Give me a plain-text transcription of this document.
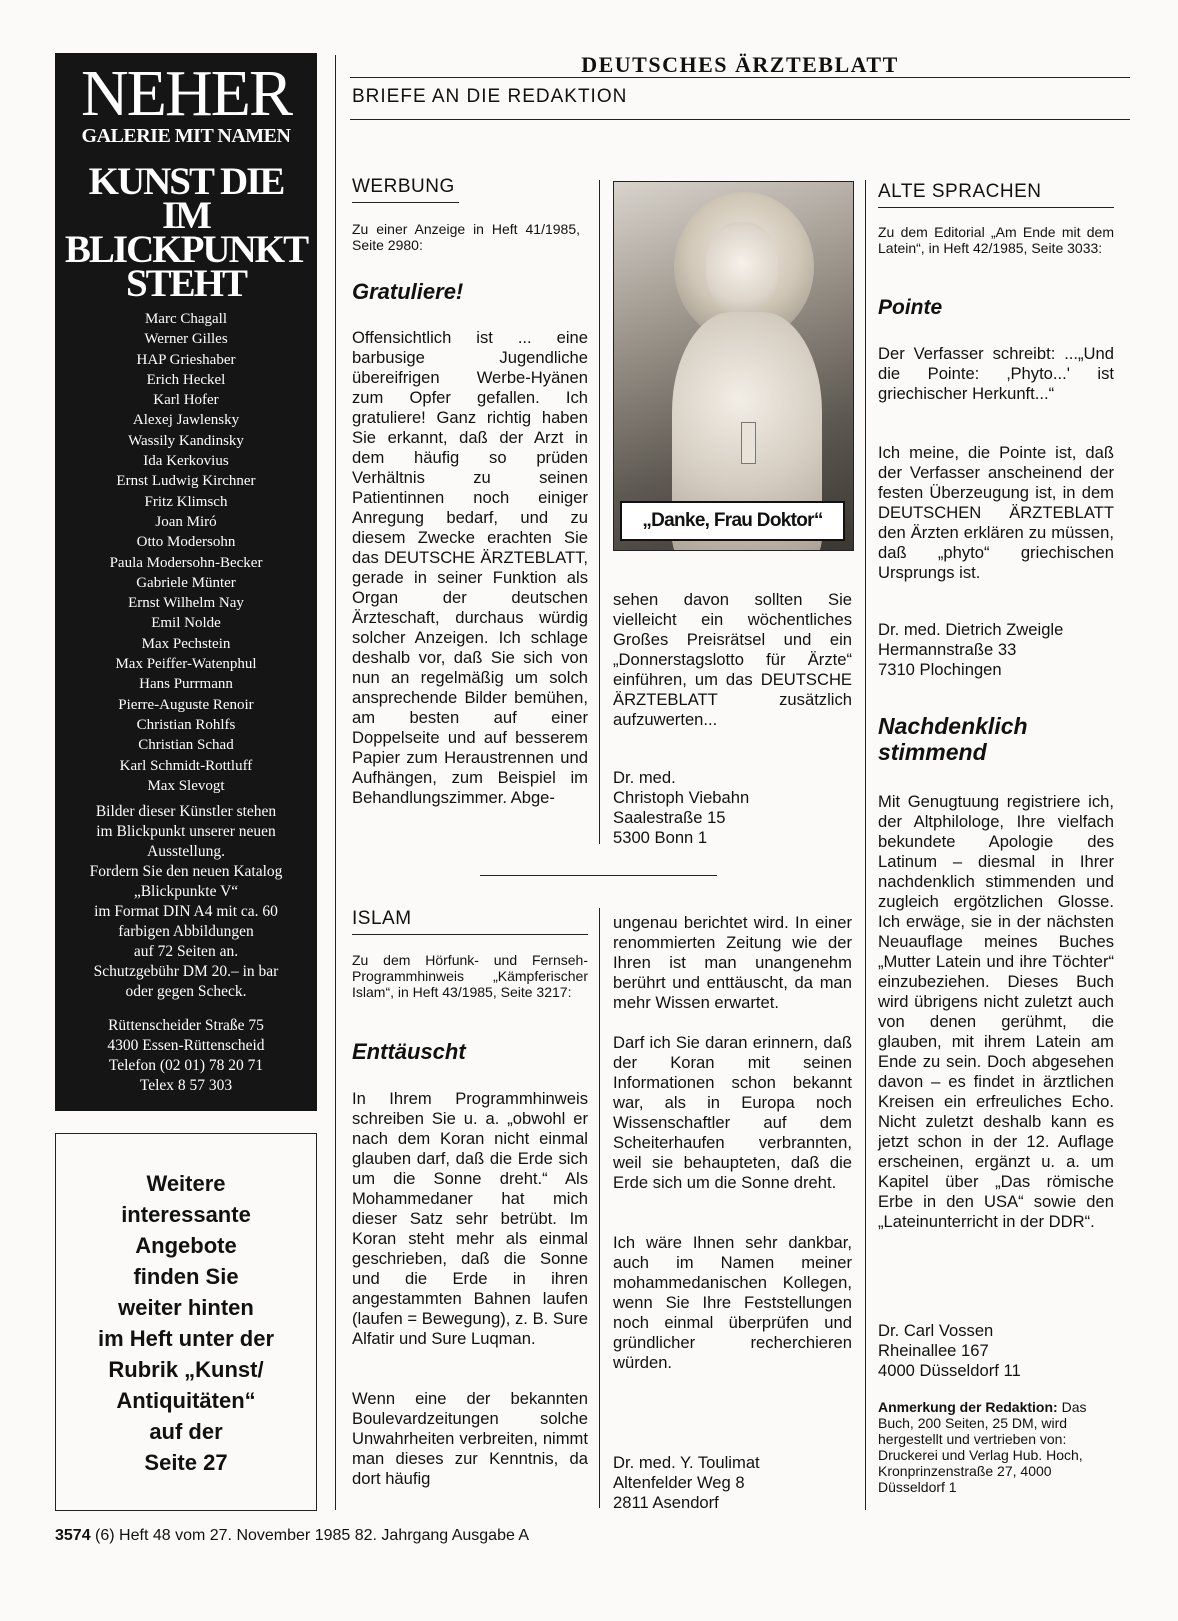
DEUTSCHES ÄRZTEBLATT
BRIEFE AN DIE REDAKTION
NEHER
GALERIE MIT NAMEN
KUNST DIE
IM
BLICKPUNKT
STEHT
Marc Chagall
Werner Gilles
HAP Grieshaber
Erich Heckel
Karl Hofer
Alexej Jawlensky
Wassily Kandinsky
Ida Kerkovius
Ernst Ludwig Kirchner
Fritz Klimsch
Joan Miró
Otto Modersohn
Paula Modersohn-Becker
Gabriele Münter
Ernst Wilhelm Nay
Emil Nolde
Max Pechstein
Max Peiffer-Watenphul
Hans Purrmann
Pierre-Auguste Renoir
Christian Rohlfs
Christian Schad
Karl Schmidt-Rottluff
Max Slevogt
Bilder dieser Künstler stehen
im Blickpunkt unserer neuen
Ausstellung.
Fordern Sie den neuen Katalog
„Blickpunkte V“
im Format DIN A4 mit ca. 60
farbigen Abbildungen
auf 72 Seiten an.
Schutzgebühr DM 20.– in bar
oder gegen Scheck.
Rüttenscheider Straße 75
4300 Essen-Rüttenscheid
Telefon (02 01) 78 20 71
Telex 8 57 303
Weitere
interessante
Angebote
finden Sie
weiter hinten
im Heft unter der
Rubrik „Kunst/
Antiquitäten“
auf der
Seite 27
WERBUNG
Zu einer Anzeige in Heft 41/1985, Seite 2980:
Gratuliere!
Offensichtlich ist ... eine barbusige Jugendliche übereifrigen Werbe-Hyänen zum Opfer gefallen. Ich gratuliere! Ganz richtig haben Sie erkannt, daß der Arzt in dem häufig so prüden Verhältnis zu seinen Patientinnen noch einiger Anregung bedarf, und zu diesem Zwecke erachten Sie das DEUTSCHE ÄRZTEBLATT, gerade in seiner Funktion als Organ der deutschen Ärzteschaft, durchaus würdig solcher Anzeigen. Ich schlage deshalb vor, daß Sie sich von nun an regelmäßig um solch ansprechende Bilder bemühen, am besten auf einer Doppelseite und auf besserem Papier zum Heraustrennen und Aufhängen, zum Beispiel im Behandlungszimmer. Abge-
„Danke, Frau Doktor“
sehen davon sollten Sie vielleicht ein wöchentliches Großes Preisrätsel und ein „Donnerstagslotto für Ärzte“ einführen, um das DEUTSCHE ÄRZTEBLATT zusätzlich aufzuwerten...
Dr. med.
Christoph Viebahn
Saalestraße 15
5300 Bonn 1
ISLAM
Zu dem Hörfunk- und Fernseh-Programmhinweis „Kämpferischer Islam“, in Heft 43/1985, Seite 3217:
Enttäuscht
In Ihrem Programmhinweis schreiben Sie u. a. „obwohl er nach dem Koran nicht einmal glauben darf, daß die Erde sich um die Sonne dreht.“ Als Mohammedaner hat mich dieser Satz sehr betrübt. Im Koran steht mehr als einmal geschrieben, daß die Sonne und die Erde in ihren angestammten Bahnen laufen (laufen = Bewegung), z. B. Sure Alfatir und Sure Luqman.
Wenn eine der bekannten Boulevardzeitungen solche Unwahrheiten verbreiten, nimmt man dieses zur Kenntnis, da dort häufig
ungenau berichtet wird. In einer renommierten Zeitung wie der Ihren ist man unangenehm berührt und enttäuscht, da man mehr Wissen erwartet.
Darf ich Sie daran erinnern, daß der Koran mit seinen Informationen schon bekannt war, als in Europa noch Wissenschaftler auf dem Scheiterhaufen verbrannten, weil sie behaupteten, daß die Erde sich um die Sonne dreht.
Ich wäre Ihnen sehr dankbar, auch im Namen meiner mohammedanischen Kollegen, wenn Sie Ihre Feststellungen noch einmal überprüfen und gründlicher recherchieren würden.
Dr. med. Y. Toulimat
Altenfelder Weg 8
2811 Asendorf
ALTE SPRACHEN
Zu dem Editorial „Am Ende mit dem Latein“, in Heft 42/1985, Seite 3033:
Pointe
Der Verfasser schreibt: ...„Und die Pointe: ‚Phyto...' ist griechischer Herkunft...“
Ich meine, die Pointe ist, daß der Verfasser anscheinend der festen Überzeugung ist, in dem DEUTSCHEN ÄRZTEBLATT den Ärzten erklären zu müssen, daß „phyto“ griechischen Ursprungs ist.
Dr. med. Dietrich Zweigle
Hermannstraße 33
7310 Plochingen
Nachdenklich stimmend
Mit Genugtuung registriere ich, der Altphilologe, Ihre vielfach bekundete Apologie des Latinum – diesmal in Ihrer nachdenklich stimmenden und zugleich ergötzlichen Glosse. Ich erwäge, sie in der nächsten Neuauflage meines Buches „Mutter Latein und ihre Töchter“ einzubeziehen. Dieses Buch wird übrigens nicht zuletzt auch von denen gerühmt, die glauben, mit ihrem Latein am Ende zu sein. Doch abgesehen davon – es findet in ärztlichen Kreisen ein erfreuliches Echo. Nicht zuletzt deshalb kann es jetzt schon in der 12. Auflage erscheinen, ergänzt u. a. um Kapitel über „Das römische Erbe in den USA“ sowie den „Lateinunterricht in der DDR“.
Dr. Carl Vossen
Rheinallee 167
4000 Düsseldorf 11
Anmerkung der Redaktion: Das Buch, 200 Seiten, 25 DM, wird hergestellt und vertrieben von: Druckerei und Verlag Hub. Hoch, Kronprinzenstraße 27, 4000 Düsseldorf 1
3574 (6) Heft 48 vom 27. November 1985 82. Jahrgang Ausgabe A
